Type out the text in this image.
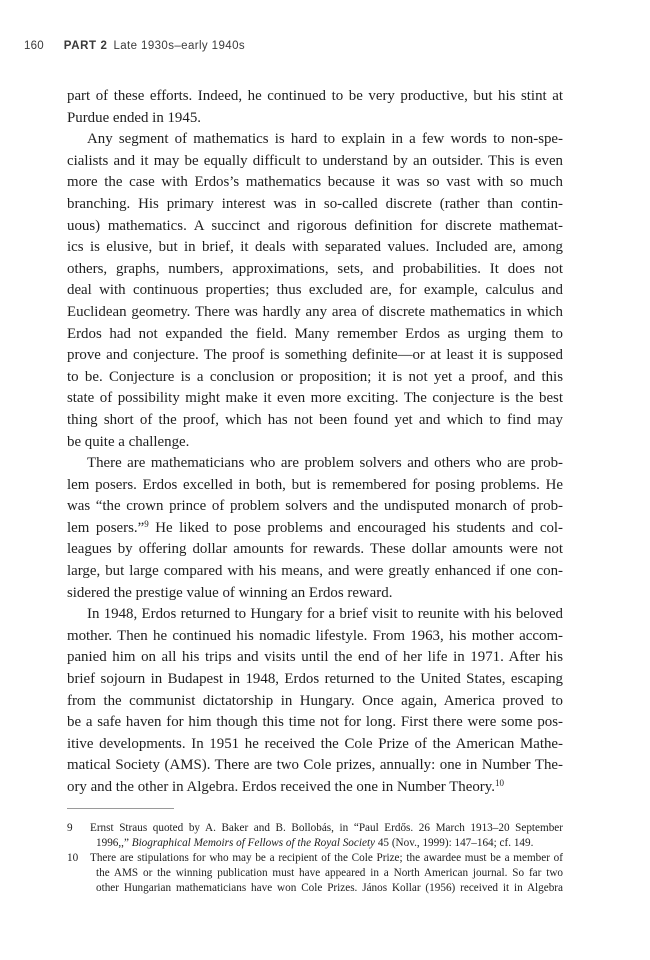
160 PART 2 Late 1930s–early 1940s
part of these efforts. Indeed, he continued to be very productive, but his stint at
Purdue ended in 1945.
Any segment of mathematics is hard to explain in a few words to non-spe-
cialists and it may be equally difficult to understand by an outsider. This is even
more the case with Erdos’s mathematics because it was so vast with so much
branching. His primary interest was in so-called discrete (rather than contin-
uous) mathematics. A succinct and rigorous definition for discrete mathemat-
ics is elusive, but in brief, it deals with separated values. Included are, among
others, graphs, numbers, approximations, sets, and probabilities. It does not
deal with continuous properties; thus excluded are, for example, calculus and
Euclidean geometry. There was hardly any area of discrete mathematics in which
Erdos had not expanded the field. Many remember Erdos as urging them to
prove and conjecture. The proof is something definite—or at least it is supposed
to be. Conjecture is a conclusion or proposition; it is not yet a proof, and this
state of possibility might make it even more exciting. The conjecture is the best
thing short of the proof, which has not been found yet and which to find may
be quite a challenge.
There are mathematicians who are problem solvers and others who are prob-
lem posers. Erdos excelled in both, but is remembered for posing problems. He
was “the crown prince of problem solvers and the undisputed monarch of prob-
lem posers.”$^9$ He liked to pose problems and encouraged his students and col-
leagues by offering dollar amounts for rewards. These dollar amounts were not
large, but large compared with his means, and were greatly enhanced if one con-
sidered the prestige value of winning an Erdos reward.
In 1948, Erdos returned to Hungary for a brief visit to reunite with his beloved
mother. Then he continued his nomadic lifestyle. From 1963, his mother accom-
panied him on all his trips and visits until the end of her life in 1971. After his
brief sojourn in Budapest in 1948, Erdos returned to the United States, escaping
from the communist dictatorship in Hungary. Once again, America proved to
be a safe haven for him though this time not for long. First there were some pos-
itive developments. In 1951 he received the Cole Prize of the American Mathe-
matical Society (AMS). There are two Cole prizes, annually: one in Number The-
ory and the other in Algebra. Erdos received the one in Number Theory.$^{10}$
9 Ernst Straus quoted by A. Baker and B. Bollobás, in “Paul Erdős. 26 March 1913–20 September
1996,,” Biographical Memoirs of Fellows of the Royal Society 45 (Nov., 1999): 147–164; cf. 149.
10 There are stipulations for who may be a recipient of the Cole Prize; the awardee must be a member of
the AMS or the winning publication must have appeared in a North American journal. So far two
other Hungarian mathematicians have won Cole Prizes. János Kollar (1956) received it in Algebra
